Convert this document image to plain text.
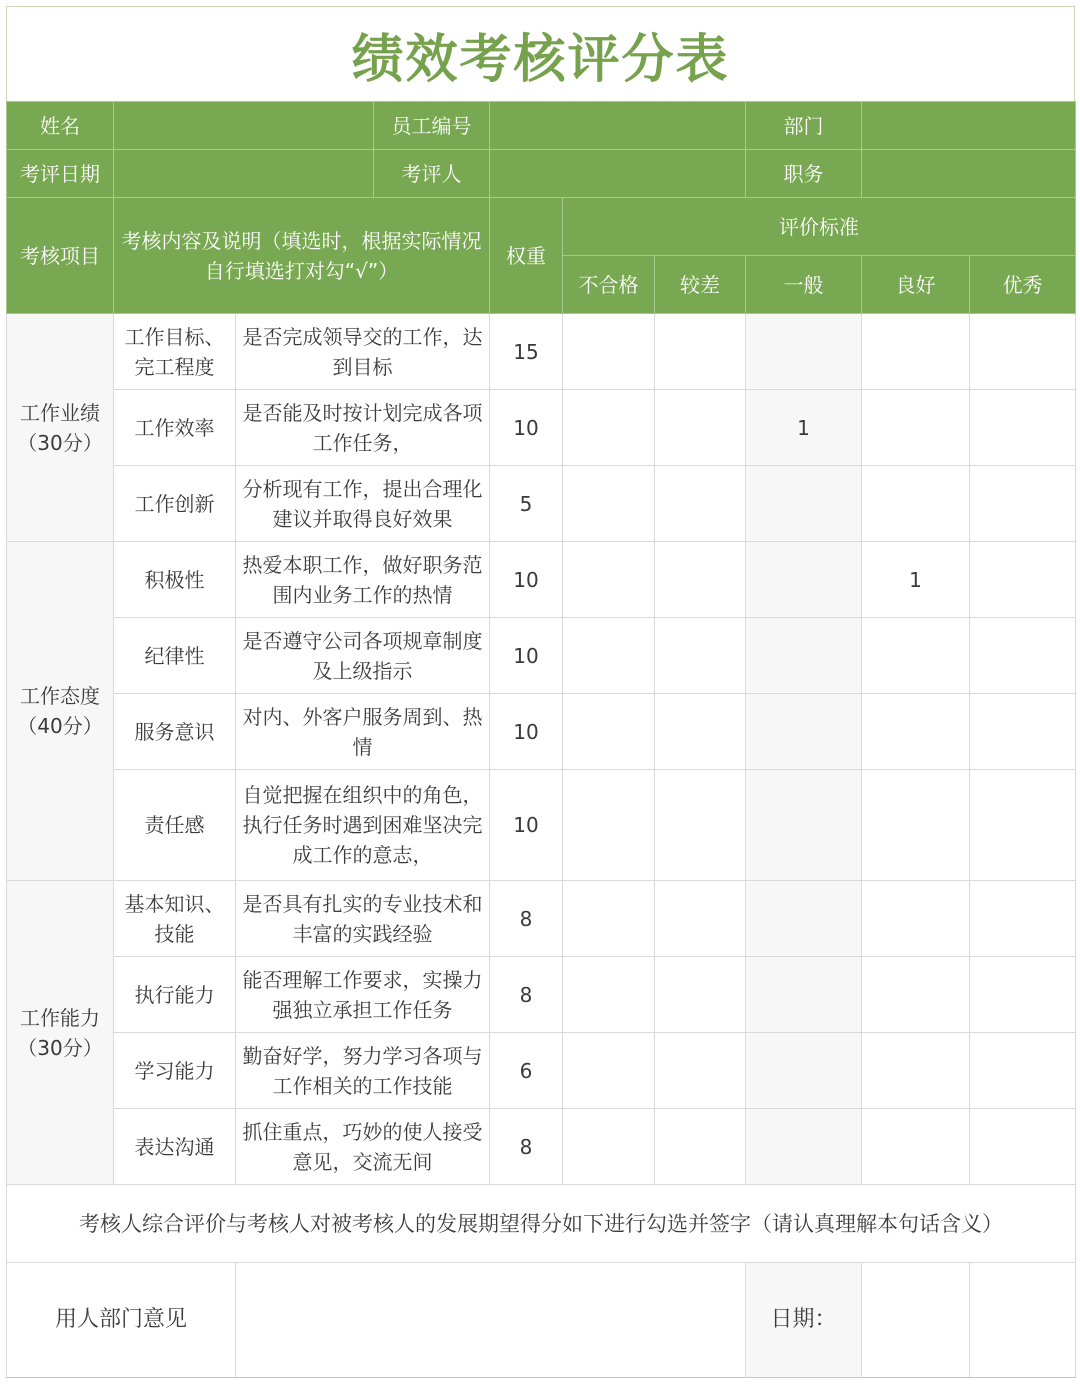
绩效考核评分表
姓名			员工编号				部门		
考评日期			考评人				职务		
考核项目	考核内容及说明（填选时，根据实际情况自行填选打对勾“√”）			权重	评价标准				
					不合格	较差	一般	良好	优秀
工作业绩（30分）	工作目标、完工程度	是否完成领导交的工作，达到目标		15					
	工作效率	是否能及时按计划完成各项工作任务，		10			1		
	工作创新	分析现有工作，提出合理化建议并取得良好效果		5					
工作态度（40分）	积极性	热爱本职工作，做好职务范围内业务工作的热情		10				1	
	纪律性	是否遵守公司各项规章制度及上级指示		10					
	服务意识	对内、外客户服务周到、热情		10					
	责任感	自觉把握在组织中的角色，执行任务时遇到困难坚决完成工作的意志，		10					
工作能力（30分）	基本知识、技能	是否具有扎实的专业技术和丰富的实践经验		8					
	执行能力	能否理解工作要求，实操力强独立承担工作任务		8					
	学习能力	勤奋好学，努力学习各项与工作相关的工作技能		6					
	表达沟通	抓住重点，巧妙的使人接受意见，交流无间		8					
考核人综合评价与考核人对被考核人的发展期望得分如下进行勾选并签字（请认真理解本句话含义）									
用人部门意见							日期：		
